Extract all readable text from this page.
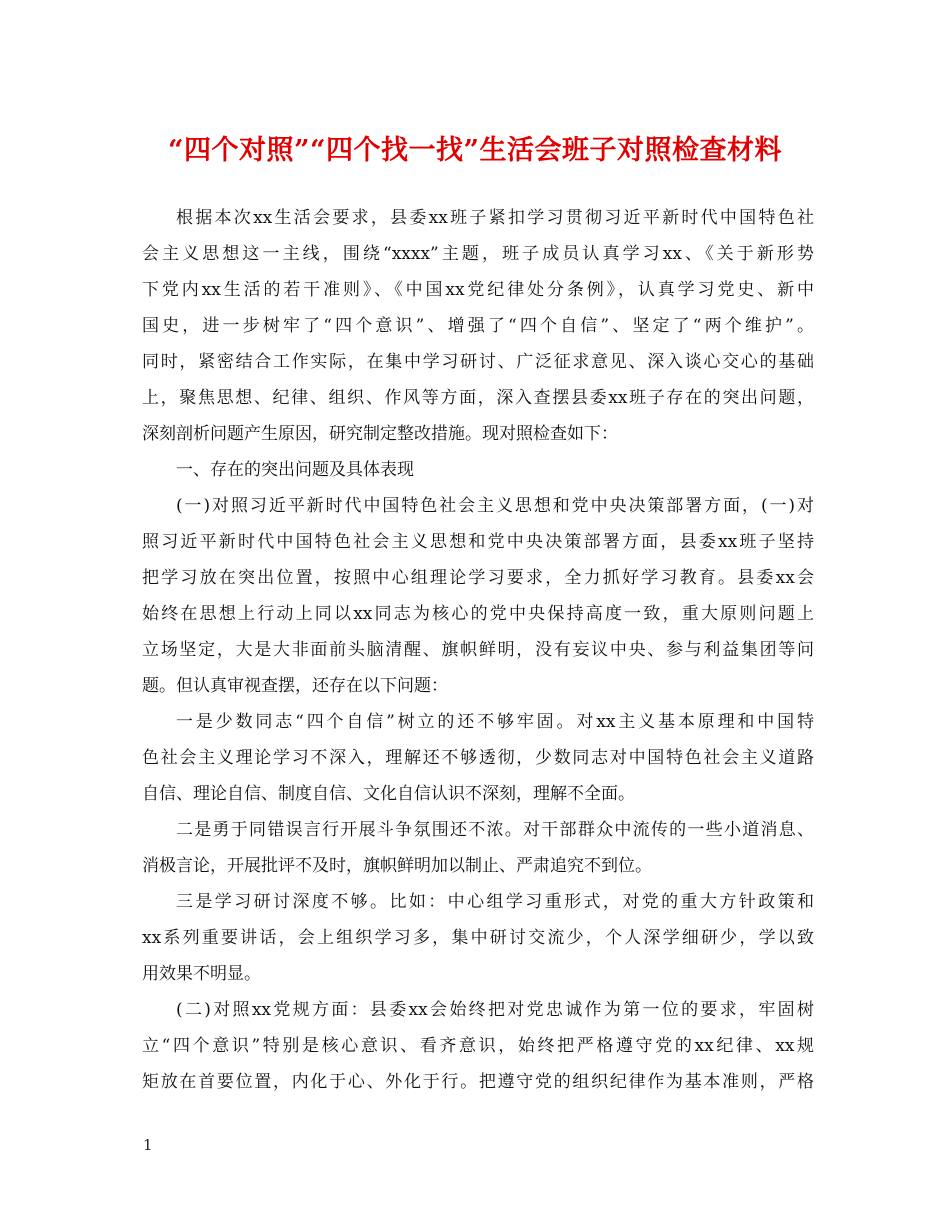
“四个对照”“四个找一找”生活会班子对照检查材料
根据本次xx生活会要求，县委xx班子紧扣学习贯彻习近平新时代中国特色社
会主义思想这一主线，围绕“xxxx”主题，班子成员认真学习xx、《关于新形势
下党内xx生活的若干准则》、《中国xx党纪律处分条例》，认真学习党史、新中
国史，进一步树牢了“四个意识”、增强了“四个自信”、坚定了“两个维护”。
同时，紧密结合工作实际，在集中学习研讨、广泛征求意见、深入谈心交心的基础
上，聚焦思想、纪律、组织、作风等方面，深入查摆县委xx班子存在的突出问题，
深刻剖析问题产生原因，研究制定整改措施。现对照检查如下：
一、存在的突出问题及具体表现
(一)对照习近平新时代中国特色社会主义思想和党中央决策部署方面，(一)对
照习近平新时代中国特色社会主义思想和党中央决策部署方面，县委xx班子坚持
把学习放在突出位置，按照中心组理论学习要求，全力抓好学习教育。县委xx会
始终在思想上行动上同以xx同志为核心的党中央保持高度一致，重大原则问题上
立场坚定，大是大非面前头脑清醒、旗帜鲜明，没有妄议中央、参与利益集团等问
题。但认真审视查摆，还存在以下问题：
一是少数同志“四个自信”树立的还不够牢固。对xx主义基本原理和中国特
色社会主义理论学习不深入，理解还不够透彻，少数同志对中国特色社会主义道路
自信、理论自信、制度自信、文化自信认识不深刻，理解不全面。
二是勇于同错误言行开展斗争氛围还不浓。对干部群众中流传的一些小道消息、
消极言论，开展批评不及时，旗帜鲜明加以制止、严肃追究不到位。
三是学习研讨深度不够。比如：中心组学习重形式，对党的重大方针政策和
xx系列重要讲话，会上组织学习多，集中研讨交流少，个人深学细研少，学以致
用效果不明显。
(二)对照xx党规方面：县委xx会始终把对党忠诚作为第一位的要求，牢固树
立“四个意识”特别是核心意识、看齐意识，始终把严格遵守党的xx纪律、xx规
矩放在首要位置，内化于心、外化于行。把遵守党的组织纪律作为基本准则，严格
1
